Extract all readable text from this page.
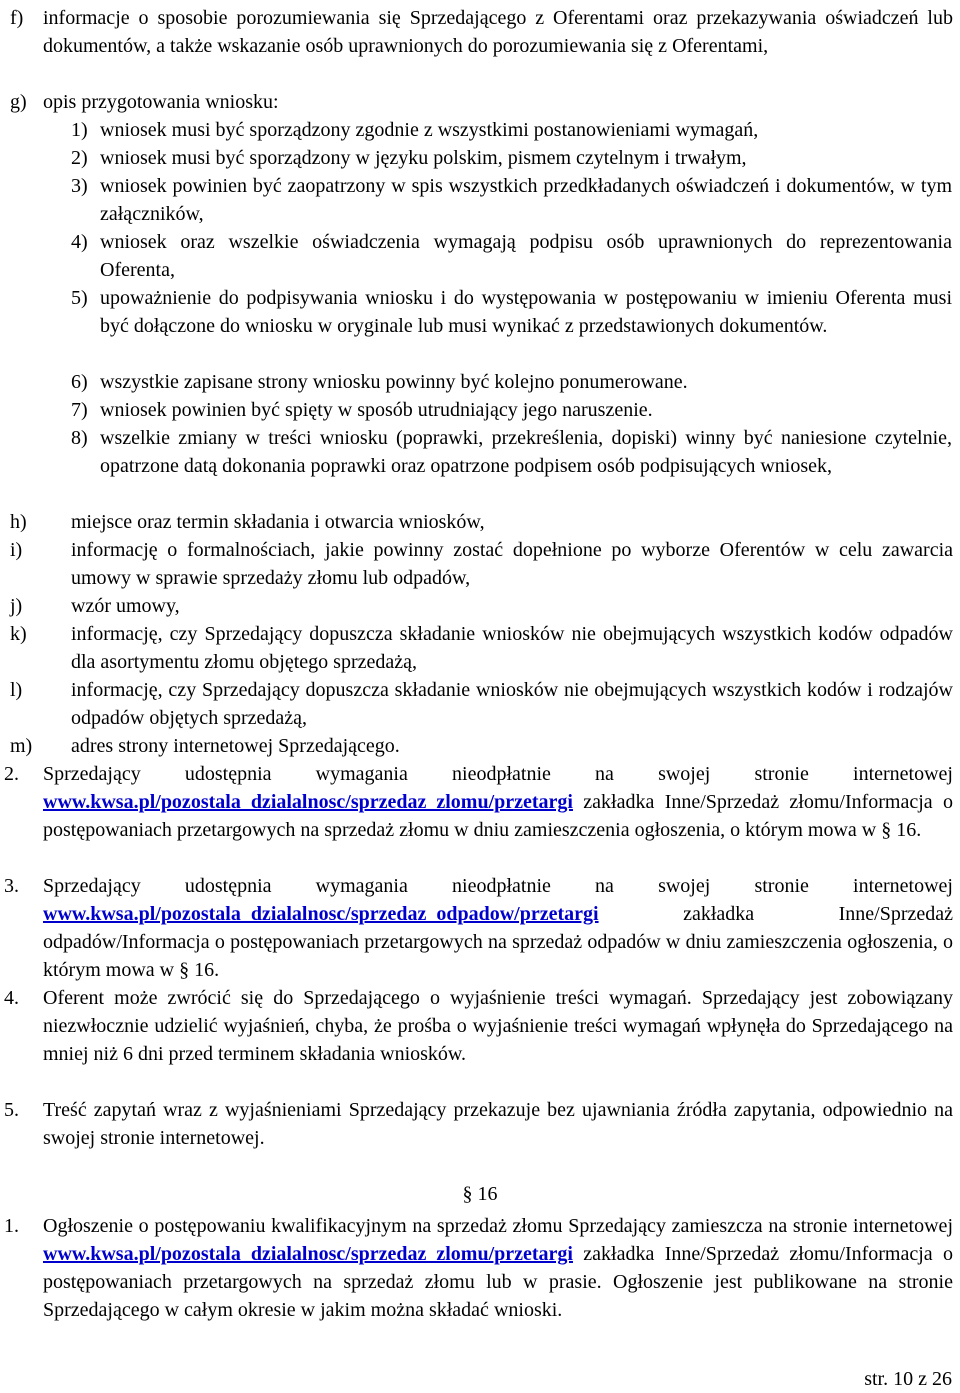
f) informacje o sposobie porozumiewania się Sprzedającego z Oferentami oraz przekazywania oświadczeń lub dokumentów, a także wskazanie osób uprawnionych do porozumiewania się z Oferentami,
g) opis przygotowania wniosku:
1) wniosek musi być sporządzony zgodnie z wszystkimi postanowieniami wymagań,
2) wniosek musi być sporządzony w języku polskim, pismem czytelnym i trwałym,
3) wniosek powinien być zaopatrzony w spis wszystkich przedkładanych oświadczeń i dokumentów, w tym załączników,
4) wniosek oraz wszelkie oświadczenia wymagają podpisu osób uprawnionych do reprezentowania Oferenta,
5) upoważnienie do podpisywania wniosku i do występowania w postępowaniu w imieniu Oferenta musi być dołączone do wniosku w oryginale lub musi wynikać z przedstawionych dokumentów.
6) wszystkie zapisane strony wniosku powinny być kolejno ponumerowane.
7) wniosek powinien być spięty w sposób utrudniający jego naruszenie.
8) wszelkie zmiany w treści wniosku (poprawki, przekreślenia, dopiski) winny być naniesione czytelnie, opatrzone datą dokonania poprawki oraz opatrzone podpisem osób podpisujących wniosek,
h) miejsce oraz termin składania i otwarcia wniosków,
i) informację o formalnościach, jakie powinny zostać dopełnione po wyborze Oferentów w celu zawarcia umowy w sprawie sprzedaży złomu lub odpadów,
j) wzór umowy,
k) informację, czy Sprzedający dopuszcza składanie wniosków nie obejmujących wszystkich kodów odpadów dla asortymentu złomu objętego sprzedażą,
l) informację, czy Sprzedający dopuszcza składanie wniosków nie obejmujących wszystkich kodów i rodzajów odpadów objętych sprzedażą,
m) adres strony internetowej Sprzedającego.
2. Sprzedający udostępnia wymagania nieodpłatnie na swojej stronie internetowej www.kwsa.pl/pozostala_dzialalnosc/sprzedaz_zlomu/przetargi zakładka Inne/Sprzedaż złomu/Informacja o postępowaniach przetargowych na sprzedaż złomu w dniu zamieszczenia ogłoszenia, o którym mowa w § 16.
3. Sprzedający udostępnia wymagania nieodpłatnie na swojej stronie internetowej www.kwsa.pl/pozostala_dzialalnosc/sprzedaz_odpadow/przetargi zakładka Inne/Sprzedaż odpadów/Informacja o postępowaniach przetargowych na sprzedaż odpadów w dniu zamieszczenia ogłoszenia, o którym mowa w § 16.
4. Oferent może zwrócić się do Sprzedającego o wyjaśnienie treści wymagań. Sprzedający jest zobowiązany niezwłocznie udzielić wyjaśnień, chyba, że prośba o wyjaśnienie treści wymagań wpłynęła do Sprzedającego na mniej niż 6 dni przed terminem składania wniosków.
5. Treść zapytań wraz z wyjaśnieniami Sprzedający przekazuje bez ujawniania źródła zapytania, odpowiednio na swojej stronie internetowej.
§ 16
1. Ogłoszenie o postępowaniu kwalifikacyjnym na sprzedaż złomu Sprzedający zamieszcza na stronie internetowej www.kwsa.pl/pozostala_dzialalnosc/sprzedaz_zlomu/przetargi zakładka Inne/Sprzedaż złomu/Informacja o postępowaniach przetargowych na sprzedaż złomu lub w prasie. Ogłoszenie jest publikowane na stronie Sprzedającego w całym okresie w jakim można składać wnioski.
str. 10 z 26
